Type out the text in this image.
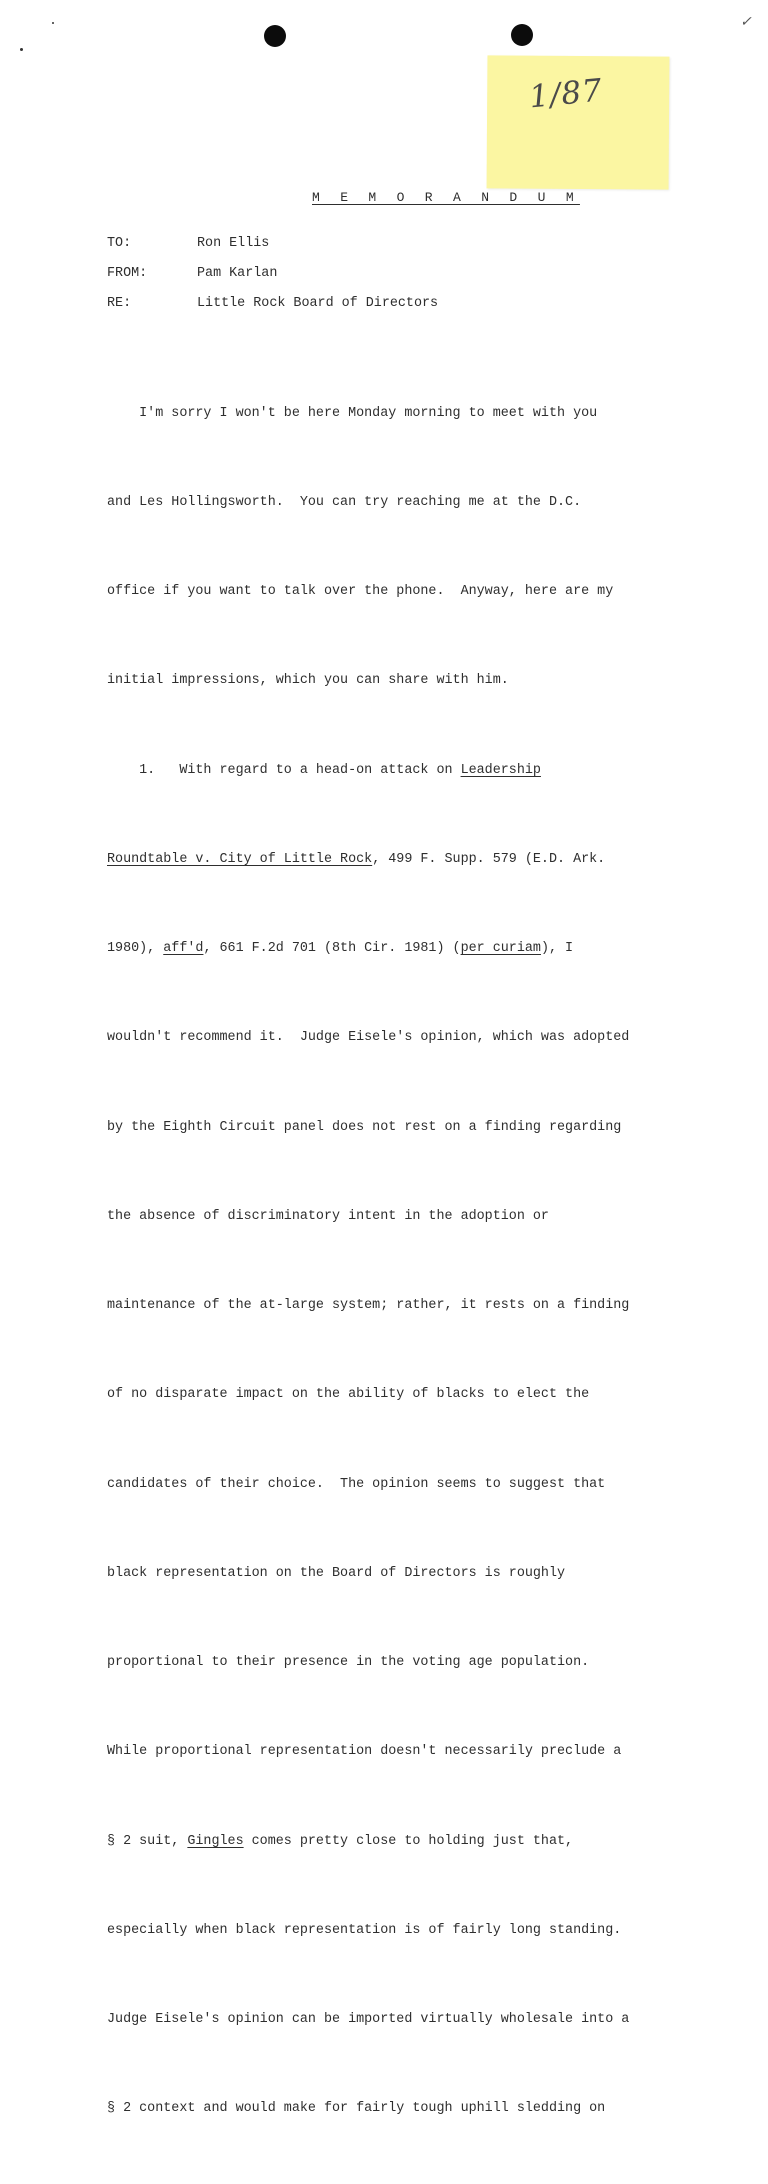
✓
1/87
M E M O R A N D U M
TO:	Ron Ellis
FROM:	Pam Karlan
RE:	Little Rock Board of Directors

I'm sorry I won't be here Monday morning to meet with you

and Les Hollingsworth.  You can try reaching me at the D.C.

office if you want to talk over the phone.  Anyway, here are my

initial impressions, which you can share with him.

1.   With regard to a head-on attack on Leadership

Roundtable v. City of Little Rock, 499 F. Supp. 579 (E.D. Ark.

1980), aff'd, 661 F.2d 701 (8th Cir. 1981) (per curiam), I

wouldn't recommend it.  Judge Eisele's opinion, which was adopted

by the Eighth Circuit panel does not rest on a finding regarding

the absence of discriminatory intent in the adoption or

maintenance of the at-large system; rather, it rests on a finding

of no disparate impact on the ability of blacks to elect the

candidates of their choice.  The opinion seems to suggest that

black representation on the Board of Directors is roughly

proportional to their presence in the voting age population.

While proportional representation doesn't necessarily preclude a

§ 2 suit, Gingles comes pretty close to holding just that,

especially when black representation is of fairly long standing.

Judge Eisele's opinion can be imported virtually wholesale into a

§ 2 context and would make for fairly tough uphill sledding on
